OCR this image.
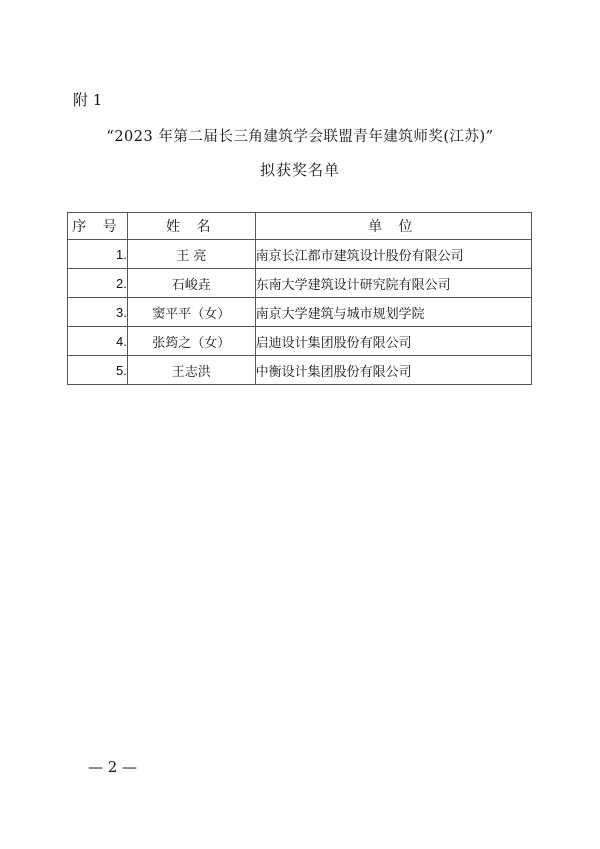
附 1
“2023 年第二届长三角建筑学会联盟青年建筑师奖(江苏)”
拟获奖名单
序 号	姓 名	单 位
1.	王 亮	南京长江都市建筑设计股份有限公司
2.	石峻垚	东南大学建筑设计研究院有限公司
3.	窦平平（女）	南京大学建筑与城市规划学院
4.	张筠之（女）	启迪设计集团股份有限公司
5.	王志洪	中衡设计集团股份有限公司
— 2 —
